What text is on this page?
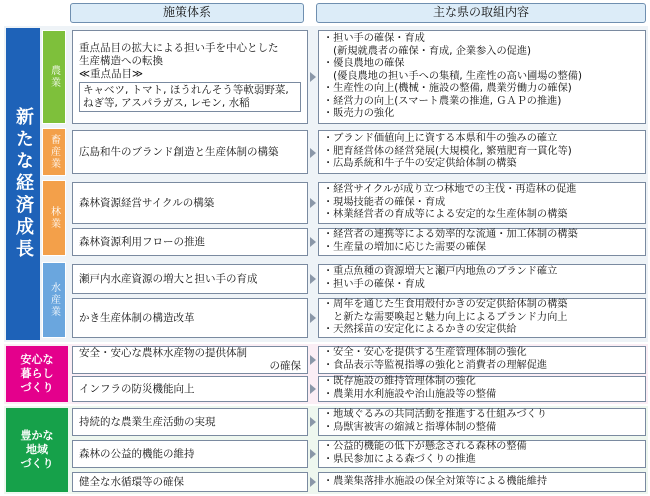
施策体系	主な県の取組内容
新たな経済成長
安心な
暮らし
づくり
豊かな
地域
づくり
農業
畜産業
林業
水産業
重点品目の拡大による担い手を中心とした
生産構造への転換
≪重点品目≫
キャベツ, トマト, ほうれんそう等軟弱野菜,
ねぎ等, アスパラガス, レモン, 水稲
・担い手の確保・育成
　(新規就農者の確保・育成, 企業参入の促進)
・優良農地の確保
　(優良農地の担い手への集積, 生産性の高い圃場の整備)
・生産性の向上(機械・施設の整備, 農業労働力の確保)
・経営力の向上(スマート農業の推進, ＧＡＰの推進)
・販売力の強化
広島和牛のブランド創造と生産体制の構築
・ブランド価値向上に資する本県和牛の強みの確立
・肥育経営体の経営発展(大規模化, 繁殖肥育一貫化等)
・広島系統和牛子牛の安定供給体制の構築
森林資源経営サイクルの構築
・経営サイクルが成り立つ林地での主伐・再造林の促進
・現場技能者の確保・育成
・林業経営者の育成等による安定的な生産体制の構築
森林資源利用フローの推進
・経営者の連携等による効率的な流通・加工体制の構築
・生産量の増加に応じた需要の確保
瀬戸内水産資源の増大と担い手の育成
・重点魚種の資源増大と瀬戸内地魚のブランド確立
・担い手の確保・育成
かき生産体制の構造改革
・周年を通じた生食用殻付かきの安定供給体制の構築
　と新たな需要喚起と魅力向上によるブランド力向上
・天然採苗の安定化によるかきの安定供給
安全・安心な農林水産物の提供体制
の確保
・安全・安心を提供する生産管理体制の強化
・食品表示等監視指導の強化と消費者の理解促進
インフラの防災機能向上
・既存施設の維持管理体制の強化
・農業用水利施設や治山施設等の整備
持続的な農業生産活動の実現
・地域ぐるみの共同活動を推進する仕組みづくり
・鳥獣害被害の縮減と指導体制の整備
森林の公益的機能の維持
・公益的機能の低下が懸念される森林の整備
・県民参加による森づくりの推進
健全な水循環等の確保	・農業集落排水施設の保全対策等による機能維持
